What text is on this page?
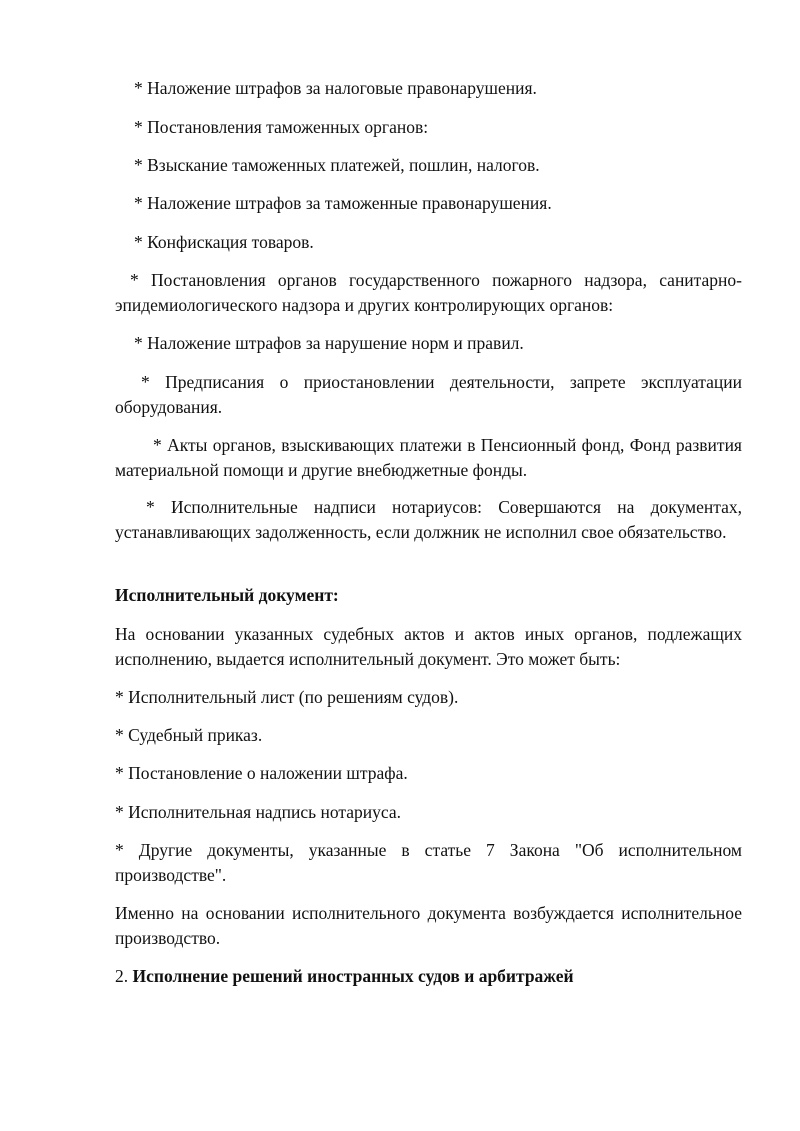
* Наложение штрафов за налоговые правонарушения.

* Постановления таможенных органов:

* Взыскание таможенных платежей, пошлин, налогов.

* Наложение штрафов за таможенные правонарушения.

* Конфискация товаров.

* Постановления органов государственного пожарного надзора, санитарно-эпидемиологического надзора и других контролирующих органов:

* Наложение штрафов за нарушение норм и правил.

* Предписания о приостановлении деятельности, запрете эксплуатации оборудования.

* Акты органов, взыскивающих платежи в Пенсионный фонд, Фонд развития материальной помощи и другие внебюджетные фонды.

* Исполнительные надписи нотариусов: Совершаются на документах, устанавливающих задолженность, если должник не исполнил свое обязательство.

Исполнительный документ:

На основании указанных судебных актов и актов иных органов, подлежащих исполнению, выдается исполнительный документ. Это может быть:

* Исполнительный лист (по решениям судов).

* Судебный приказ.

* Постановление о наложении штрафа.

* Исполнительная надпись нотариуса.

* Другие документы, указанные в статье 7 Закона "Об исполнительном производстве".

Именно на основании исполнительного документа возбуждается исполнительное производство.

2. Исполнение решений иностранных судов и арбитражей
